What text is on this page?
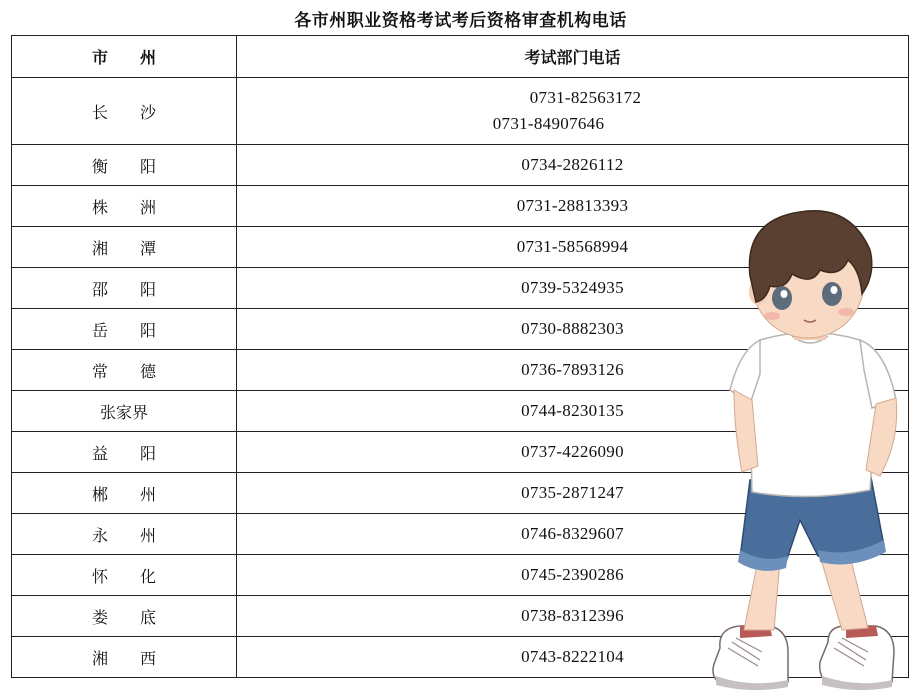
各市州职业资格考试考后资格审查机构电话
市　　州	考试部门电话
长　　沙	0731-82563172
0731-84907646

衡　　阳	0734-2826112
株　　洲	0731-28813393
湘　　潭	0731-58568994
邵　　阳	0739-5324935
岳　　阳	0730-8882303
常　　德	0736-7893126
张家界	0744-8230135
益　　阳	0737-4226090
郴　　州	0735-2871247
永　　州	0746-8329607
怀　　化	0745-2390286
娄　　底	0738-8312396
湘　　西	0743-8222104
